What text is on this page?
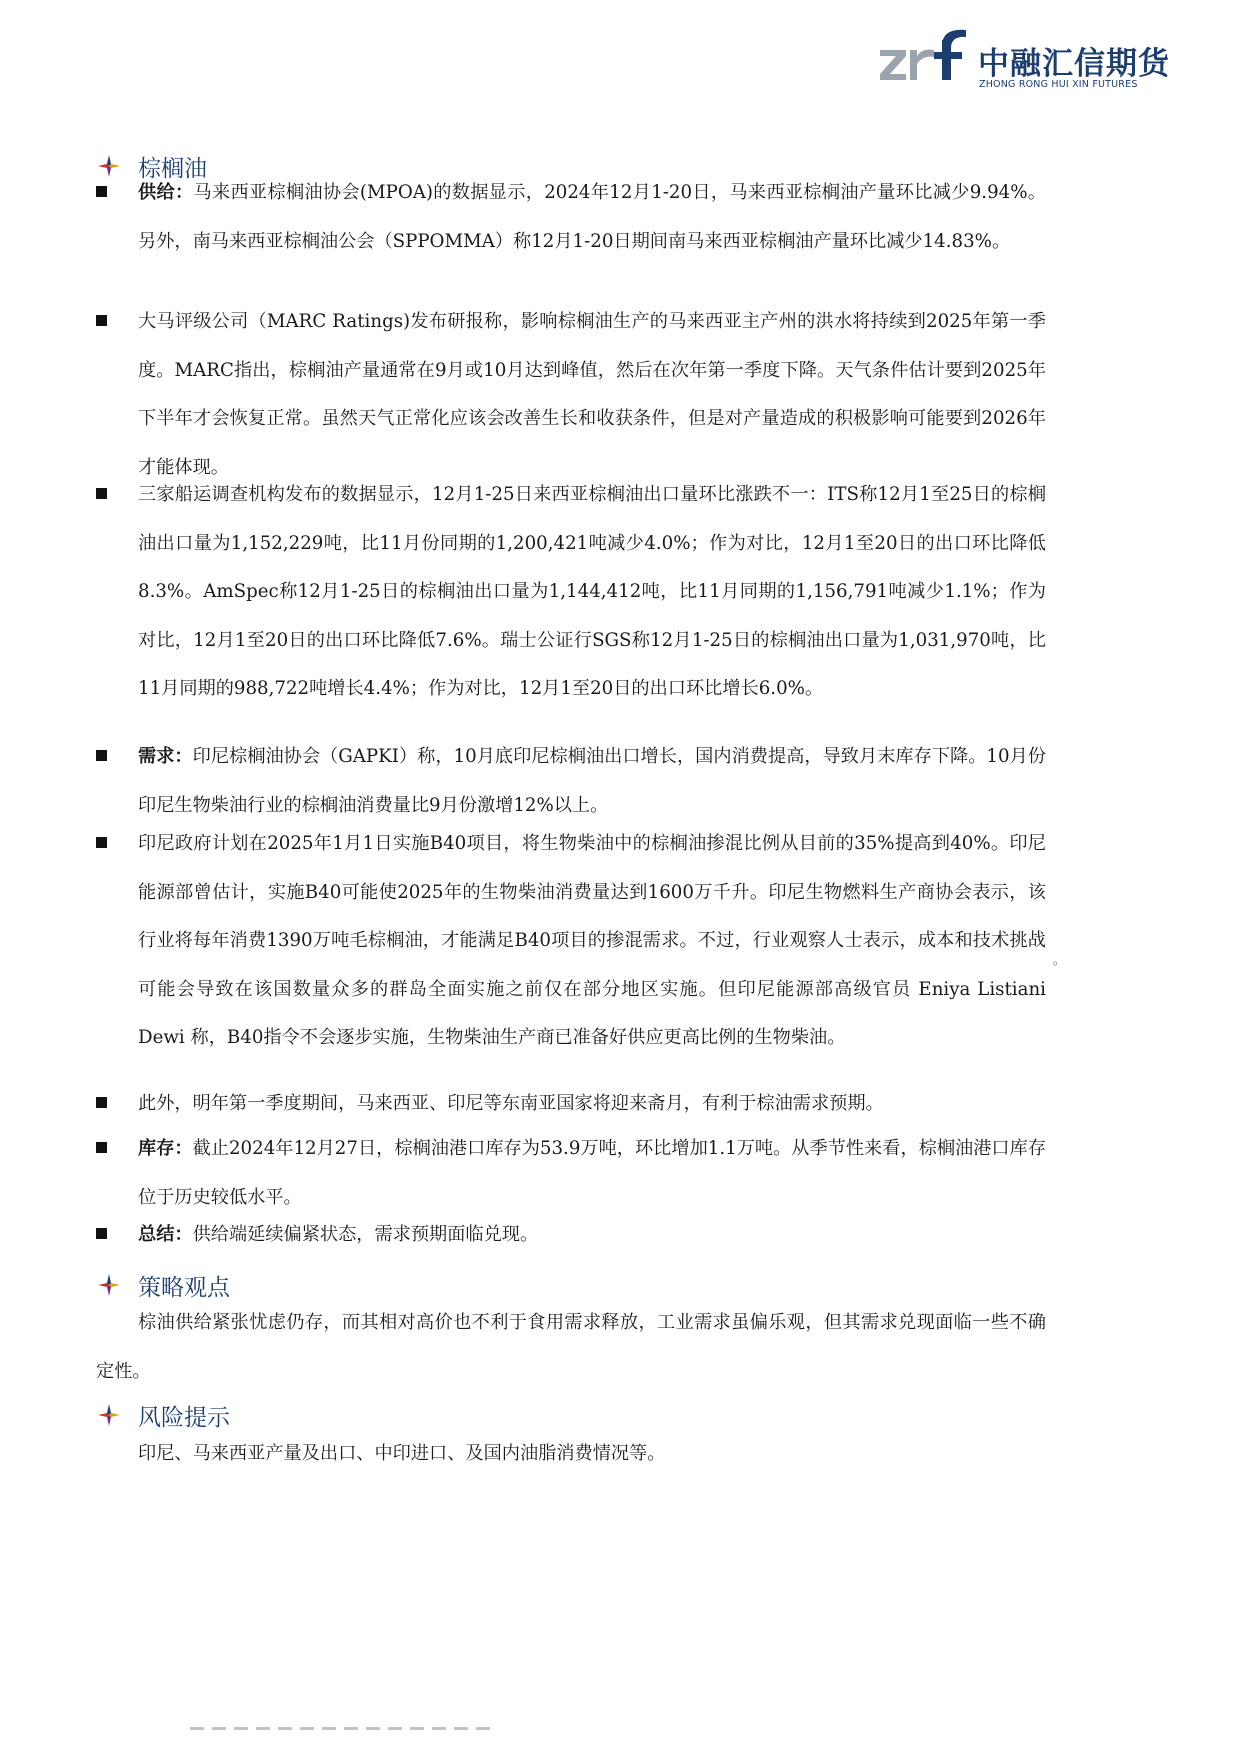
中融汇信期货
ZHONG RONG HUI XIN FUTURES
棕榈油
供给：马来西亚棕榈油协会(MPOA)的数据显示，2024年12月1-20日，马来西亚棕榈油产量环比减少9.94%。另外，南马来西亚棕榈油公会（SPPOMMA）称12月1-20日期间南马来西亚棕榈油产量环比减少14.83%。
大马评级公司（MARC Ratings)发布研报称，影响棕榈油生产的马来西亚主产州的洪水将持续到2025年第一季度。MARC指出，棕榈油产量通常在9月或10月达到峰值，然后在次年第一季度下降。天气条件估计要到2025年下半年才会恢复正常。虽然天气正常化应该会改善生长和收获条件，但是对产量造成的积极影响可能要到2026年才能体现。
三家船运调查机构发布的数据显示，12月1-25日来西亚棕榈油出口量环比涨跌不一：ITS称12月1至25日的棕榈油出口量为1,152,229吨，比11月份同期的1,200,421吨减少4.0%；作为对比，12月1至20日的出口环比降低8.3%。AmSpec称12月1-25日的棕榈油出口量为1,144,412吨，比11月同期的1,156,791吨减少1.1%；作为对比，12月1至20日的出口环比降低7.6%。瑞士公证行SGS称12月1-25日的棕榈油出口量为1,031,970吨，比11月同期的988,722吨增长4.4%；作为对比，12月1至20日的出口环比增长6.0%。
需求：印尼棕榈油协会（GAPKI）称，10月底印尼棕榈油出口增长，国内消费提高，导致月末库存下降。10月份印尼生物柴油行业的棕榈油消费量比9月份激增12%以上。
印尼政府计划在2025年1月1日实施B40项目，将生物柴油中的棕榈油掺混比例从目前的35%提高到40%。印尼能源部曾估计，实施B40可能使2025年的生物柴油消费量达到1600万千升。印尼生物燃料生产商协会表示，该行业将每年消费1390万吨毛棕榈油，才能满足B40项目的掺混需求。不过，行业观察人士表示，成本和技术挑战可能会导致在该国数量众多的群岛全面实施之前仅在部分地区实施。但印尼能源部高级官员 Eniya Listiani Dewi 称，B40指令不会逐步实施，生物柴油生产商已准备好供应更高比例的生物柴油。
此外，明年第一季度期间，马来西亚、印尼等东南亚国家将迎来斋月，有利于棕油需求预期。
库存：截止2024年12月27日，棕榈油港口库存为53.9万吨，环比增加1.1万吨。从季节性来看，棕榈油港口库存位于历史较低水平。
总结：供给端延续偏紧状态，需求预期面临兑现。
策略观点
棕油供给紧张忧虑仍存，而其相对高价也不利于食用需求释放，工业需求虽偏乐观，但其需求兑现面临一些不确定性。
风险提示
印尼、马来西亚产量及出口、中印进口、及国内油脂消费情况等。
。
